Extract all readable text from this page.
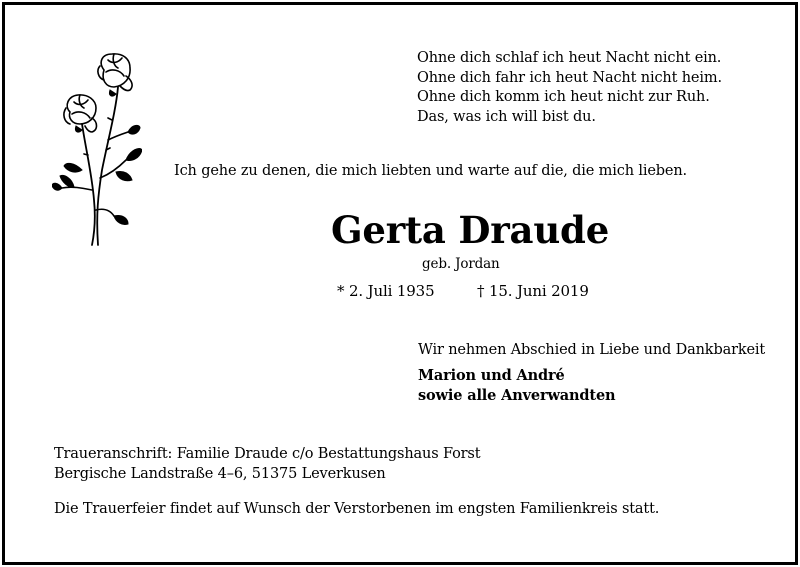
Ohne dich schlaf ich heut Nacht nicht ein.
Ohne dich fahr ich heut Nacht nicht heim.
Ohne dich komm ich heut nicht zur Ruh.
Das, was ich will bist du.
Ich gehe zu denen, die mich liebten und warte auf die, die mich lieben.
Gerta Draude
geb. Jordan
* 2. Juli 1935	† 15. Juni 2019
Wir nehmen Abschied in Liebe und Dankbarkeit
Marion und André
sowie alle Anverwandten
Traueranschrift: Familie Draude c/o Bestattungshaus Forst
Bergische Landstraße 4–6, 51375 Leverkusen
Die Trauerfeier findet auf Wunsch der Verstorbenen im engsten Familienkreis statt.
